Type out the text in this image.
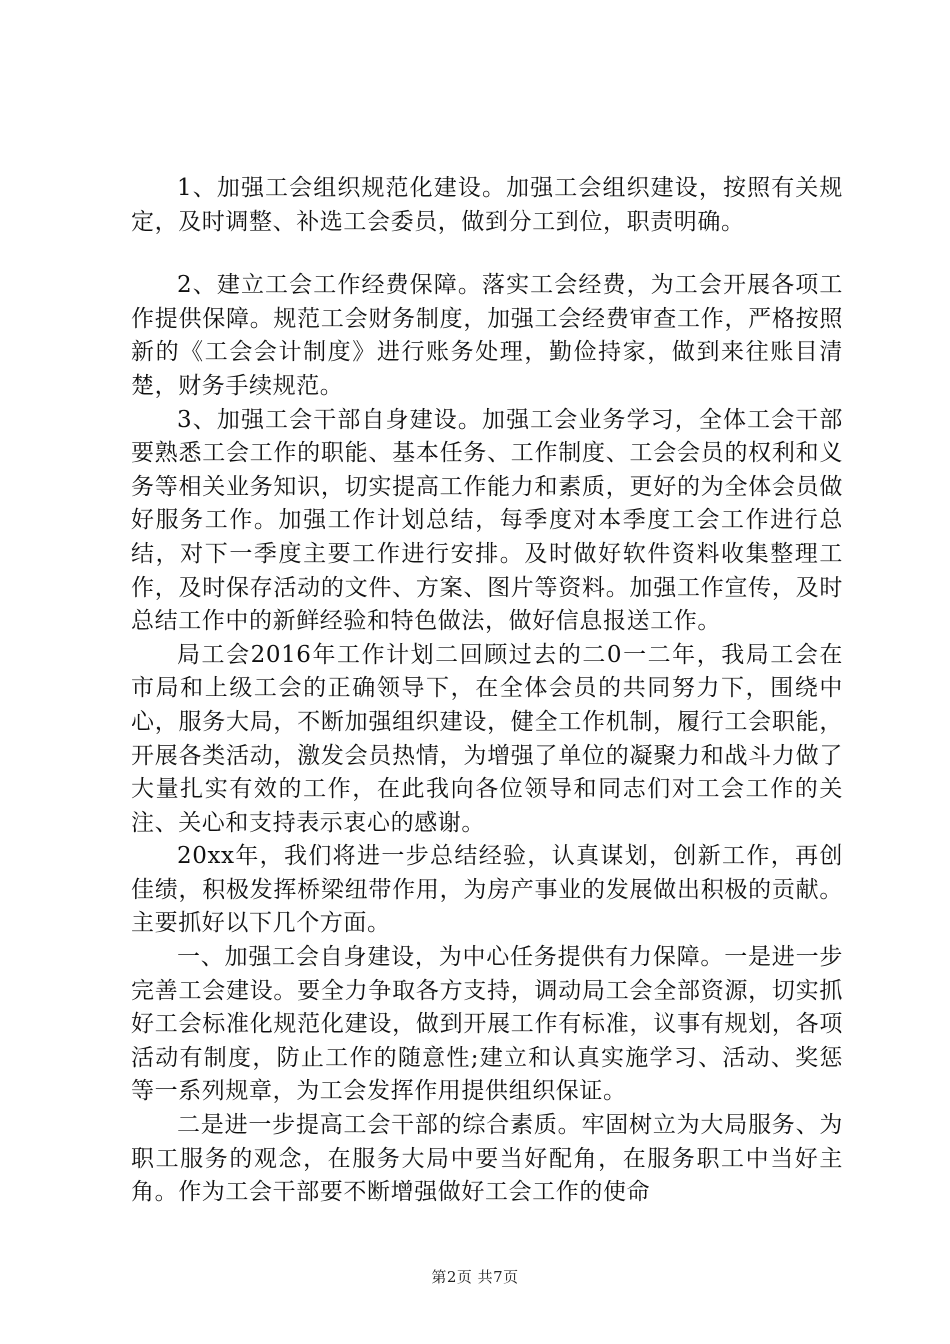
1、加强工会组织规范化建设。加强工会组织建设，按照有关规定，及时调整、补选工会委员，做到分工到位，职责明确。

2、建立工会工作经费保障。落实工会经费，为工会开展各项工作提供保障。规范工会财务制度，加强工会经费审查工作，严格按照新的《工会会计制度》进行账务处理，勤俭持家，做到来往账目清楚，财务手续规范。

3、加强工会干部自身建设。加强工会业务学习，全体工会干部要熟悉工会工作的职能、基本任务、工作制度、工会会员的权利和义务等相关业务知识，切实提高工作能力和素质，更好的为全体会员做好服务工作。加强工作计划总结，每季度对本季度工会工作进行总结，对下一季度主要工作进行安排。及时做好软件资料收集整理工作，及时保存活动的文件、方案、图片等资料。加强工作宣传，及时总结工作中的新鲜经验和特色做法，做好信息报送工作。

局工会2016年工作计划二回顾过去的二0一二年，我局工会在市局和上级工会的正确领导下，在全体会员的共同努力下，围绕中心，服务大局，不断加强组织建设，健全工作机制，履行工会职能，开展各类活动，激发会员热情，为增强了单位的凝聚力和战斗力做了大量扎实有效的工作，在此我向各位领导和同志们对工会工作的关注、关心和支持表示衷心的感谢。

20xx年，我们将进一步总结经验，认真谋划，创新工作，再创佳绩，积极发挥桥梁纽带作用，为房产事业的发展做出积极的贡献。主要抓好以下几个方面。

一、加强工会自身建设，为中心任务提供有力保障。一是进一步完善工会建设。要全力争取各方支持，调动局工会全部资源，切实抓好工会标准化规范化建设，做到开展工作有标准，议事有规划，各项活动有制度，防止工作的随意性;建立和认真实施学习、活动、奖惩等一系列规章，为工会发挥作用提供组织保证。

二是进一步提高工会干部的综合素质。牢固树立为大局服务、为职工服务的观念，在服务大局中要当好配角，在服务职工中当好主角。作为工会干部要不断增强做好工会工作的使命

第2页 共7页
